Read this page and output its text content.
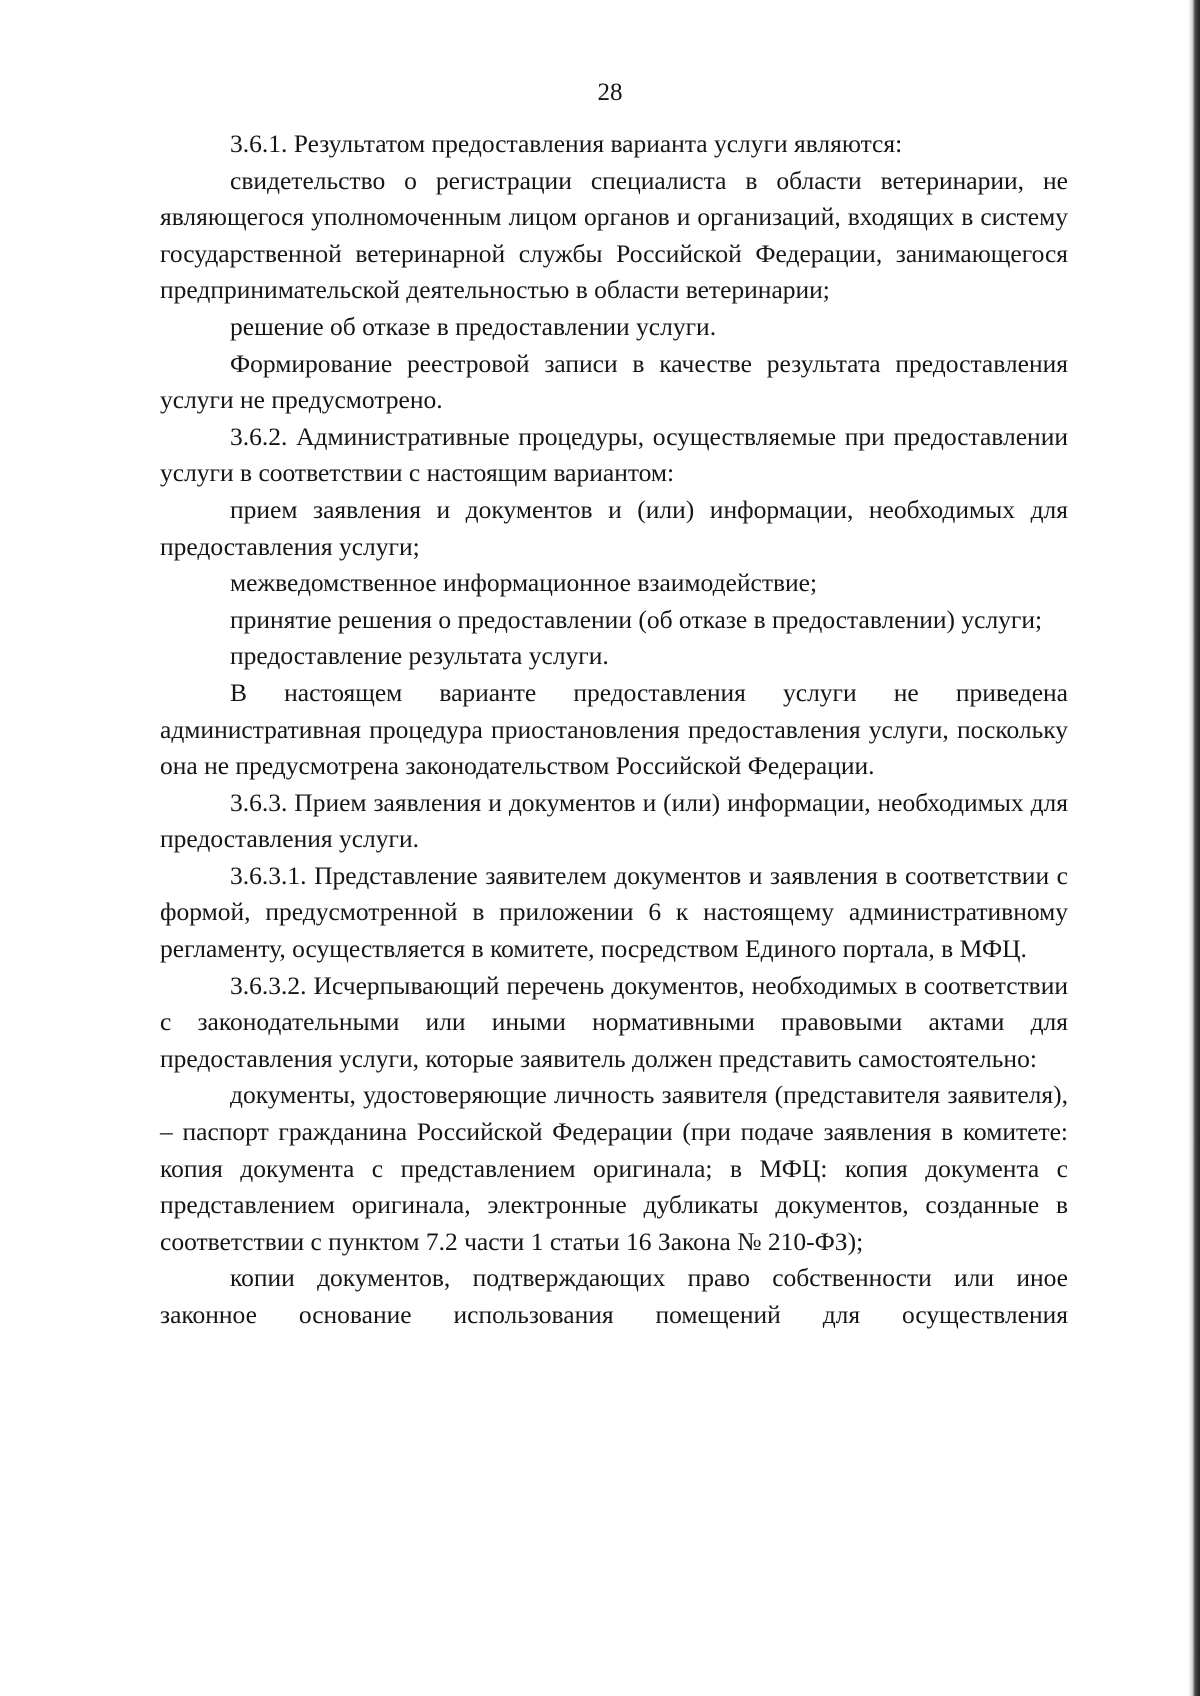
28

3.6.1. Результатом предоставления варианта услуги являются:

свидетельство о регистрации специалиста в области ветеринарии, не являющегося уполномоченным лицом органов и организаций, входящих в систему государственной ветеринарной службы Российской Федерации, занимающегося предпринимательской деятельностью в области ветеринарии;

решение об отказе в предоставлении услуги.

Формирование реестровой записи в качестве результата предоставления услуги не предусмотрено.

3.6.2. Административные процедуры, осуществляемые при предоставлении услуги в соответствии с настоящим вариантом:

прием заявления и документов и (или) информации, необходимых для предоставления услуги;

межведомственное информационное взаимодействие;

принятие решения о предоставлении (об отказе в предоставлении) услуги;

предоставление результата услуги.

В настоящем варианте предоставления услуги не приведена административная процедура приостановления предоставления услуги, поскольку она не предусмотрена законодательством Российской Федерации.

3.6.3. Прием заявления и документов и (или) информации, необходимых для предоставления услуги.

3.6.3.1. Представление заявителем документов и заявления в соответствии с формой, предусмотренной в приложении 6 к настоящему административному регламенту, осуществляется в комитете, посредством Единого портала, в МФЦ.

3.6.3.2. Исчерпывающий перечень документов, необходимых в соответствии с законодательными или иными нормативными правовыми актами для предоставления услуги, которые заявитель должен представить самостоятельно:

документы, удостоверяющие личность заявителя (представителя заявителя), – паспорт гражданина Российской Федерации (при подаче заявления в комитете: копия документа с представлением оригинала; в МФЦ: копия документа с представлением оригинала, электронные дубликаты документов, созданные в соответствии с пунктом 7.2 части 1 статьи 16 Закона № 210-ФЗ);

копии документов, подтверждающих право собственности или иное законное основание использования помещений для осуществления
